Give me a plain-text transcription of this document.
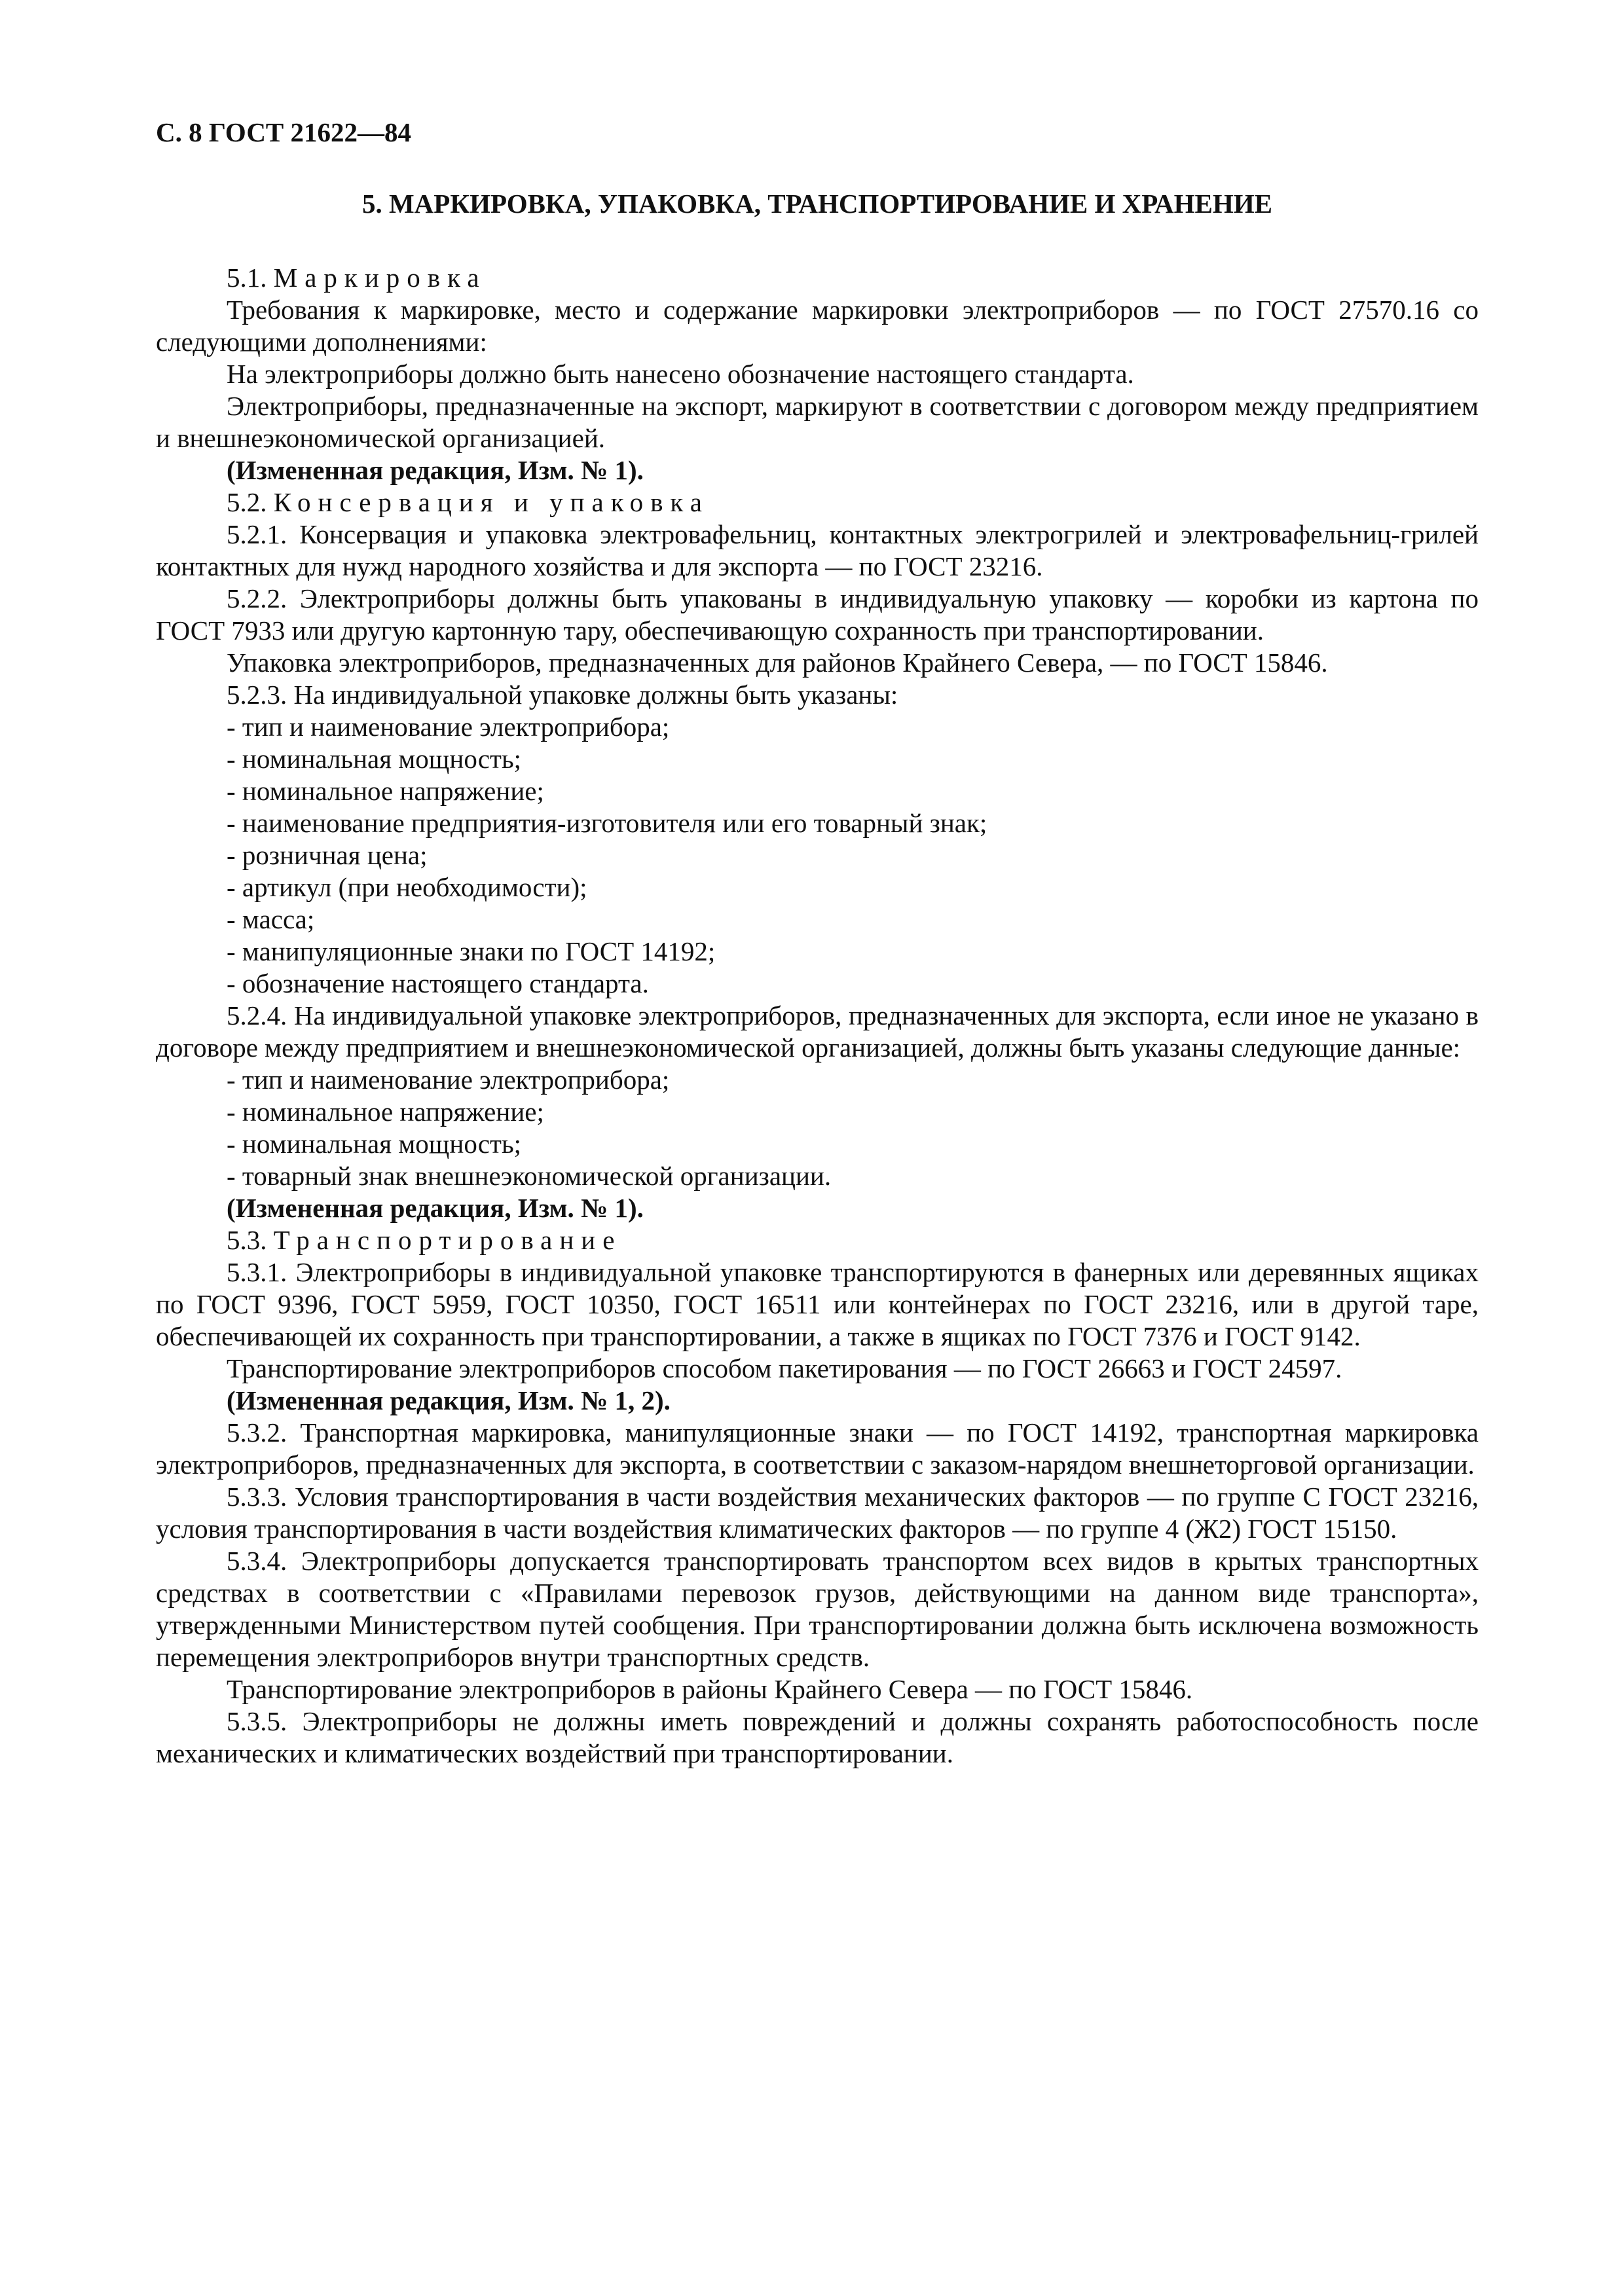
С. 8 ГОСТ 21622—84
5. МАРКИРОВКА, УПАКОВКА, ТРАНСПОРТИРОВАНИЕ И ХРАНЕНИЕ

5.1. Маркировка

Требования к маркировке, место и содержание маркировки электроприборов — по ГОСТ 27570.16 со следующими дополнениями:

На электроприборы должно быть нанесено обозначение настоящего стандарта.

Электроприборы, предназначенные на экспорт, маркируют в соответствии с договором между предприятием и внешнеэкономической организацией.

(Измененная редакция, Изм. № 1).

5.2. Консервация и упаковка

5.2.1. Консервация и упаковка электровафельниц, контактных электрогрилей и электровафельниц-грилей контактных для нужд народного хозяйства и для экспорта — по ГОСТ 23216.

5.2.2. Электроприборы должны быть упакованы в индивидуальную упаковку — коробки из картона по ГОСТ 7933 или другую картонную тару, обеспечивающую сохранность при транспортировании.

Упаковка электроприборов, предназначенных для районов Крайнего Севера, — по ГОСТ 15846.

5.2.3. На индивидуальной упаковке должны быть указаны:

- тип и наименование электроприбора;

- номинальная мощность;

- номинальное напряжение;

- наименование предприятия-изготовителя или его товарный знак;

- розничная цена;

- артикул (при необходимости);

- масса;

- манипуляционные знаки по ГОСТ 14192;

- обозначение настоящего стандарта.

5.2.4. На индивидуальной упаковке электроприборов, предназначенных для экспорта, если иное не указано в договоре между предприятием и внешнеэкономической организацией, должны быть указаны следующие данные:

- тип и наименование электроприбора;

- номинальное напряжение;

- номинальная мощность;

- товарный знак внешнеэкономической организации.

(Измененная редакция, Изм. № 1).

5.3. Транспортирование

5.3.1. Электроприборы в индивидуальной упаковке транспортируются в фанерных или деревянных ящиках по ГОСТ 9396, ГОСТ 5959, ГОСТ 10350, ГОСТ 16511 или контейнерах по ГОСТ 23216, или в другой таре, обеспечивающей их сохранность при транспортировании, а также в ящиках по ГОСТ 7376 и ГОСТ 9142.

Транспортирование электроприборов способом пакетирования — по ГОСТ 26663 и ГОСТ 24597.

(Измененная редакция, Изм. № 1, 2).

5.3.2. Транспортная маркировка, манипуляционные знаки — по ГОСТ 14192, транспортная маркировка электроприборов, предназначенных для экспорта, в соответствии с заказом-нарядом внешнеторговой организации.

5.3.3. Условия транспортирования в части воздействия механических факторов — по группе С ГОСТ 23216, условия транспортирования в части воздействия климатических факторов — по группе 4 (Ж2) ГОСТ 15150.

5.3.4. Электроприборы допускается транспортировать транспортом всех видов в крытых транспортных средствах в соответствии с «Правилами перевозок грузов, действующими на данном виде транспорта», утвержденными Министерством путей сообщения. При транспортировании должна быть исключена возможность перемещения электроприборов внутри транспортных средств.

Транспортирование электроприборов в районы Крайнего Севера — по ГОСТ 15846.

5.3.5. Электроприборы не должны иметь повреждений и должны сохранять работоспособность после механических и климатических воздействий при транспортировании.
